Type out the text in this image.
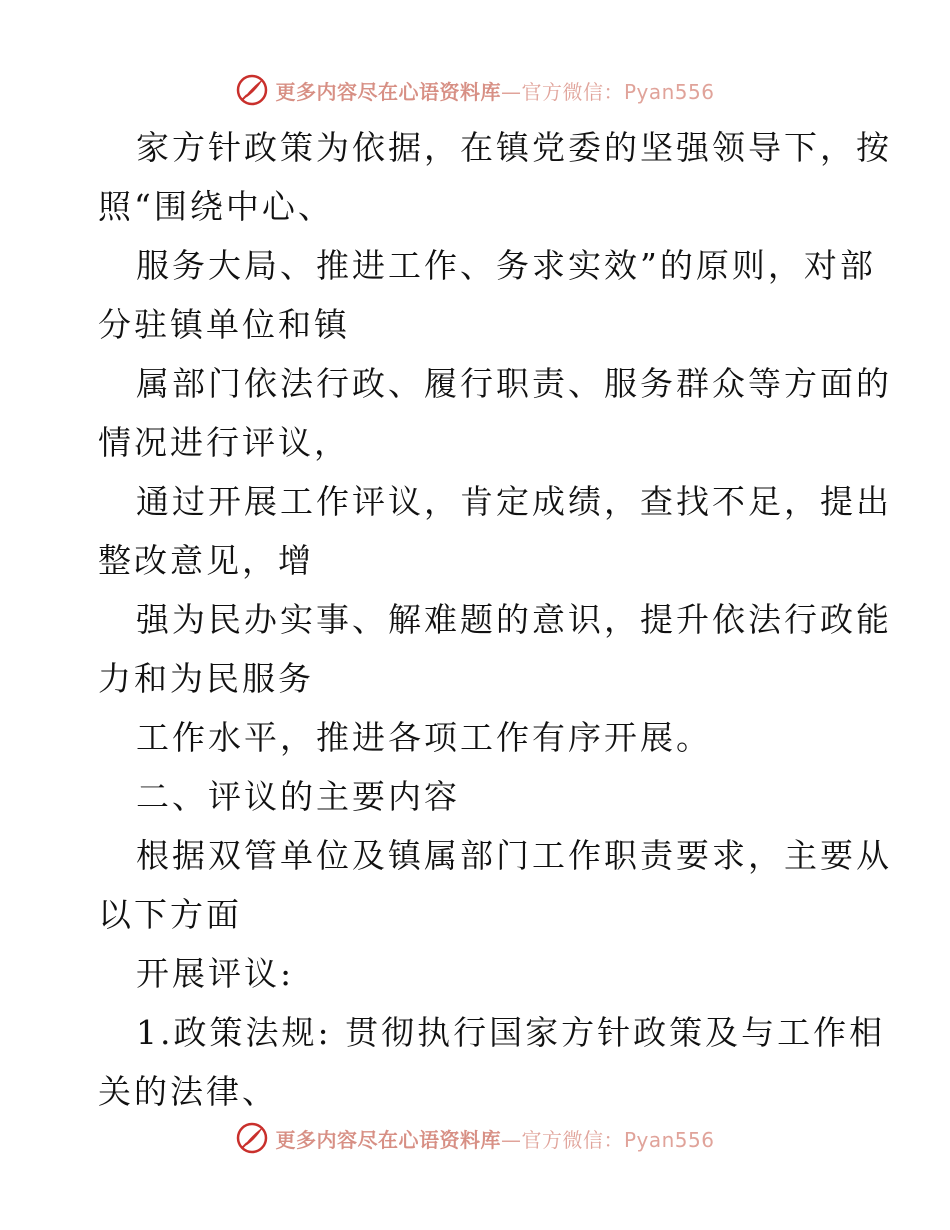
更多内容尽在心语资料库—官方微信：Pyan556
家方针政策为依据，在镇党委的坚强领导下，按
照“围绕中心、
服务大局、推进工作、务求实效”的原则，对部
分驻镇单位和镇
属部门依法行政、履行职责、服务群众等方面的
情况进行评议，
通过开展工作评议，肯定成绩，查找不足，提出
整改意见，增
强为民办实事、解难题的意识，提升依法行政能
力和为民服务
工作水平，推进各项工作有序开展。
二、评议的主要内容
根据双管单位及镇属部门工作职责要求，主要从
以下方面
开展评议:
1.政策法规: 贯彻执行国家方针政策及与工作相
关的法律、
更多内容尽在心语资料库—官方微信：Pyan556
